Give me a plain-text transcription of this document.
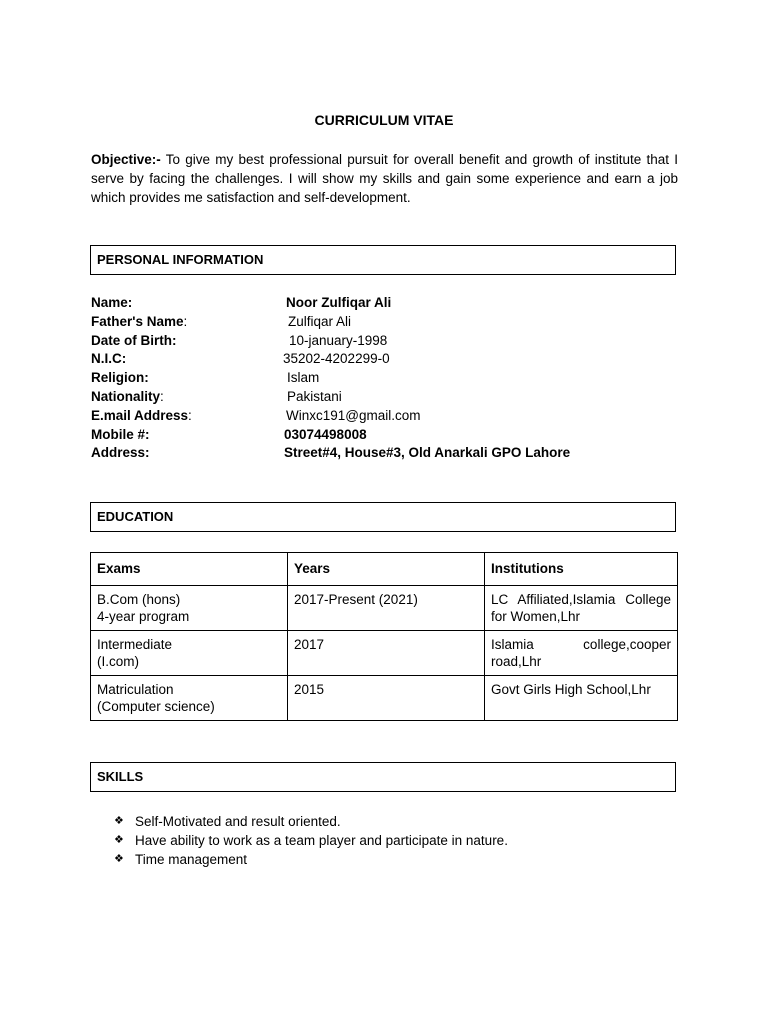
CURRICULUM VITAE
Objective:- To give my best professional pursuit for overall benefit and growth of institute that I serve by facing the challenges. I will show my skills and gain some experience and earn a job which provides me satisfaction and self-development.
PERSONAL INFORMATION
Name:	Noor Zulfiqar Ali
Father's Name:	Zulfiqar Ali
Date of Birth:	10-january-1998
N.I.C:	35202-4202299-0
Religion:	Islam
Nationality:	Pakistani
E.mail Address:	Winxc191@gmail.com
Mobile #:	03074498008
Address:	Street#4, House#3, Old Anarkali GPO Lahore
EDUCATION
Exams	Years	Institutions
B.Com (hons)
4-year program	2017-Present (2021)	LC Affiliated,Islamia College for Women,Lhr
Intermediate
(I.com)	2017	Islamia college,cooper road,Lhr
Matriculation
(Computer science)	2015	Govt Girls High School,Lhr
SKILLS
❖ Self-Motivated and result oriented.
❖ Have ability to work as a team player and participate in nature.
❖ Time management
